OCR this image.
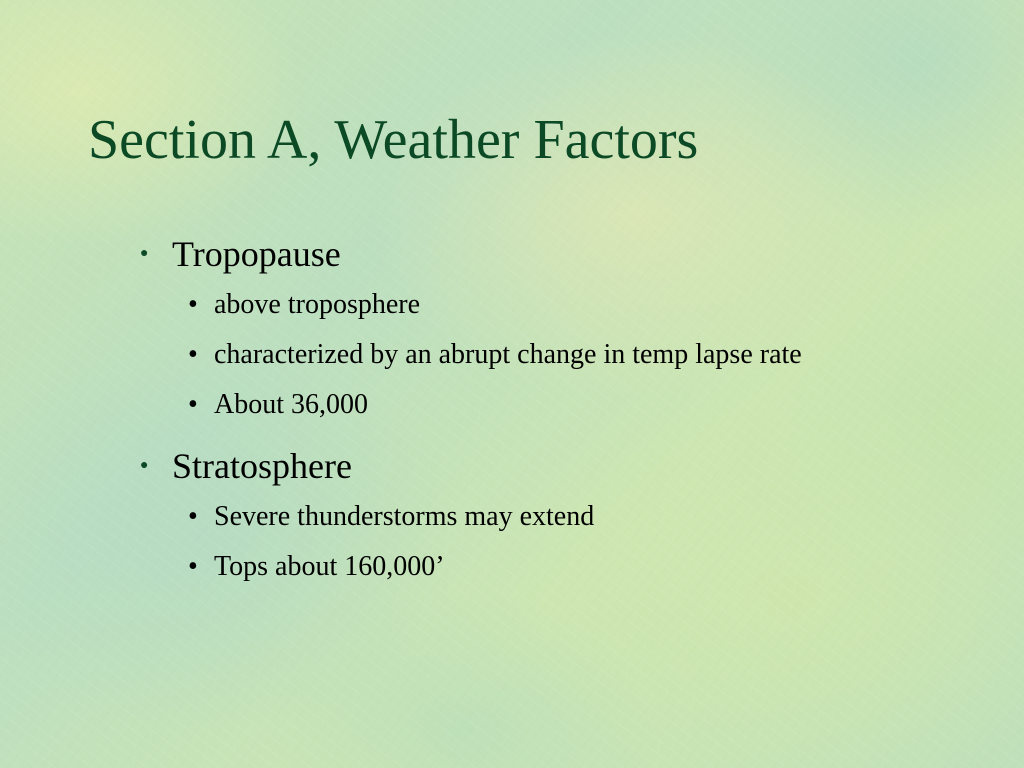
Section A, Weather Factors
● Tropopause
• above troposphere
• characterized by an abrupt change in temp lapse rate
• About 36,000
● Stratosphere
• Severe thunderstorms may extend
• Tops about 160,000’
